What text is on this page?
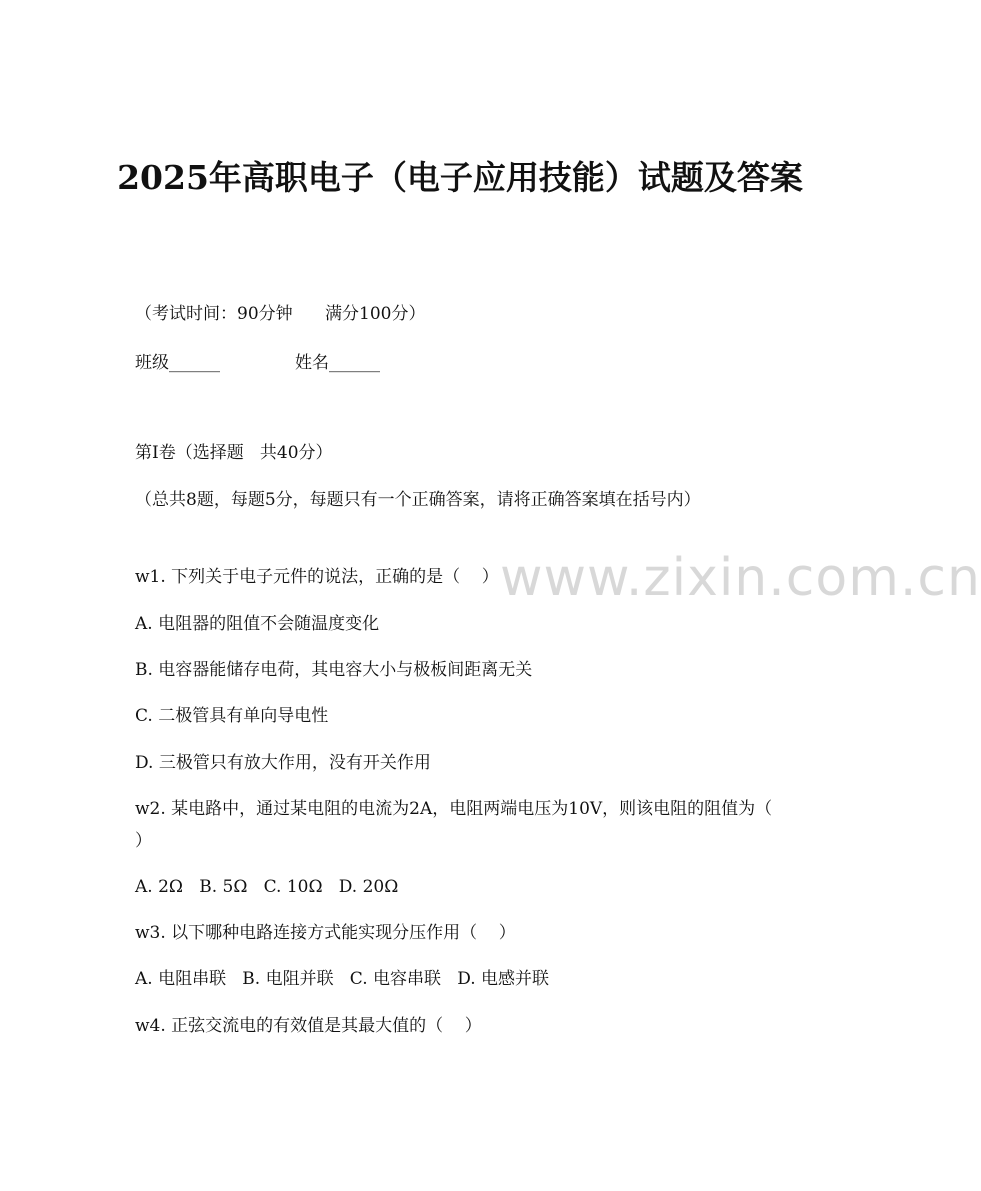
www.zixin.com.cn
2025年高职电子（电子应用技能）试题及答案
（考试时间：90分钟      满分100分）
班级______	姓名______
第I卷（选择题   共40分）
（总共8题，每题5分，每题只有一个正确答案，请将正确答案填在括号内）
w1. 下列关于电子元件的说法，正确的是（    ）
A. 电阻器的阻值不会随温度变化
B. 电容器能储存电荷，其电容大小与极板间距离无关
C. 二极管具有单向导电性
D. 三极管只有放大作用，没有开关作用
w2. 某电路中，通过某电阻的电流为2A，电阻两端电压为10V，则该电阻的阻值为（ ）
A. 2Ω   B. 5Ω   C. 10Ω   D. 20Ω
w3. 以下哪种电路连接方式能实现分压作用（    ）
A. 电阻串联   B. 电阻并联   C. 电容串联   D. 电感并联
w4. 正弦交流电的有效值是其最大值的（    ）
